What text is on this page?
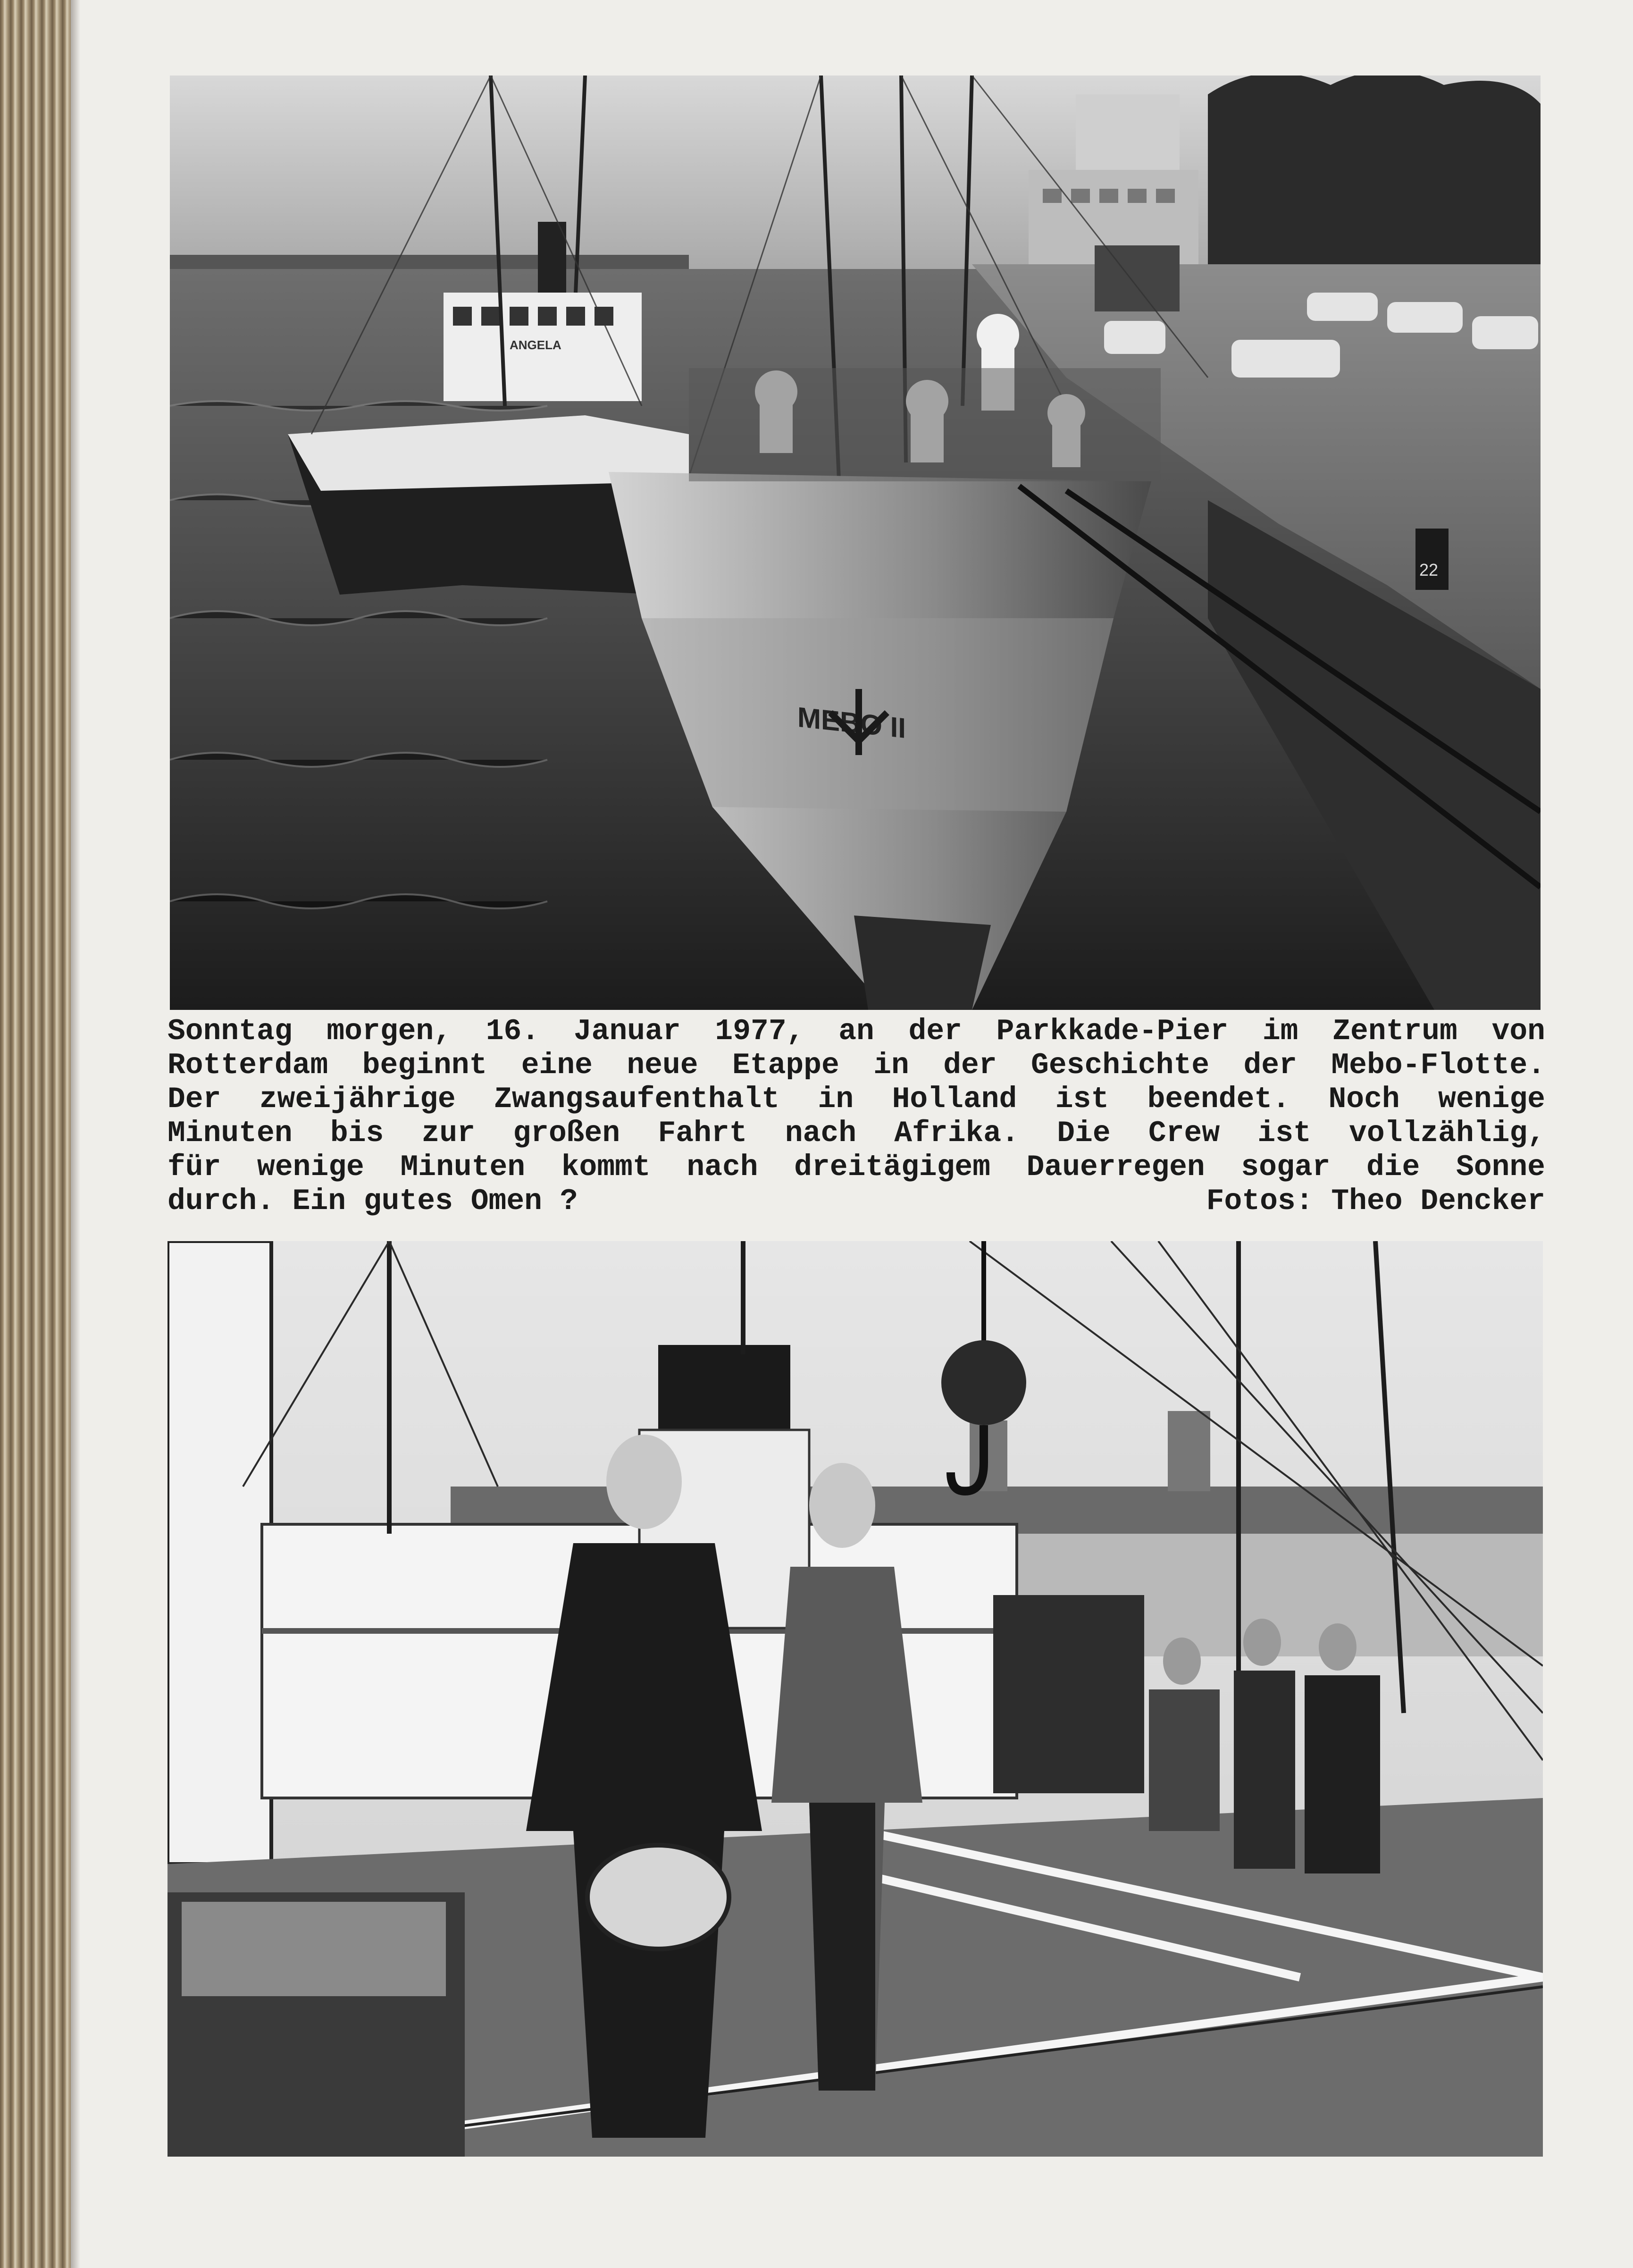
22
ANGELA
MEBO II
Sonntag morgen, 16. Januar 1977, an der Parkkade-Pier im Zentrum von
Rotterdam beginnt eine neue Etappe in der Geschichte der Mebo-Flotte.
Der zweijährige Zwangsaufenthalt in Holland ist beendet. Noch wenige
Minuten bis zur großen Fahrt nach Afrika. Die Crew ist vollzählig,
für wenige Minuten kommt nach dreitägigem Dauerregen sogar die Sonne
durch. Ein gutes Omen ?	Fotos: Theo Dencker
